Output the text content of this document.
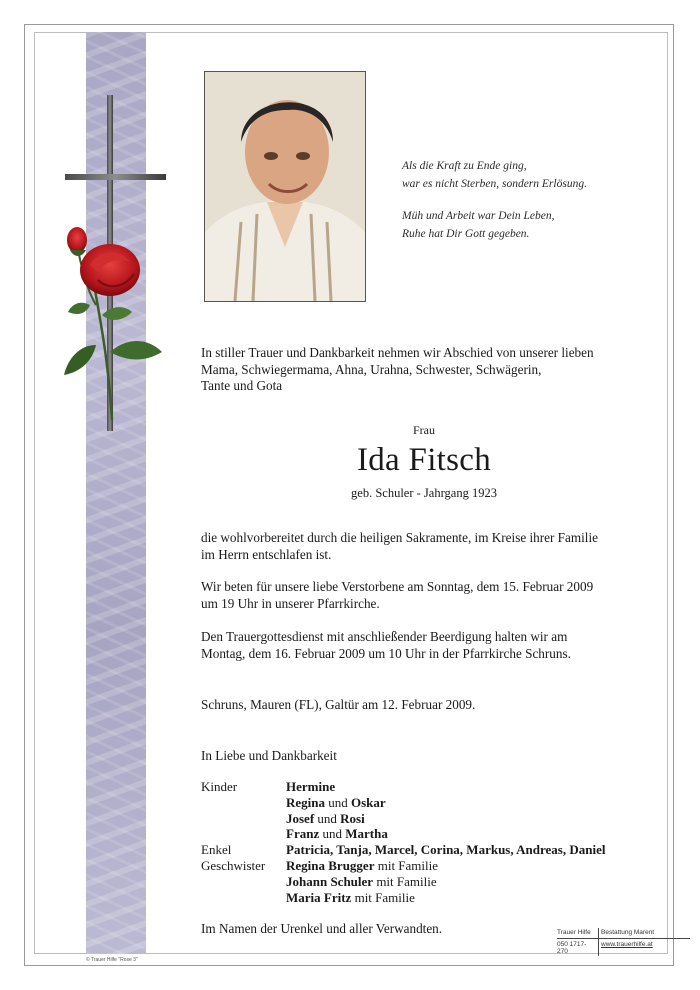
Als die Kraft zu Ende ging,

war es nicht Sterben, sondern Erlösung.

Müh und Arbeit war Dein Leben,

Ruhe hat Dir Gott gegeben.

In stiller Trauer und Dankbarkeit nehmen wir Abschied von unserer lieben

Mama, Schwiegermama, Ahna, Urahna, Schwester, Schwägerin,

Tante und Gota

Frau
Ida Fitsch
geb. Schuler - Jahrgang 1923

die wohlvorbereitet durch die heiligen Sakramente, im Kreise ihrer Familie

im Herrn entschlafen ist.

Wir beten für unsere liebe Verstorbene am Sonntag, dem 15. Februar 2009

um 19 Uhr in unserer Pfarrkirche.

Den Trauergottesdienst mit anschließender Beerdigung halten wir am

Montag, dem 16. Februar 2009 um 10 Uhr in der Pfarrkirche Schruns.

Schruns, Mauren (FL), Galtür am 12. Februar 2009.
In Liebe und Dankbarkeit
Kinder	Hermine
Regina und Oskar
Josef und Rosi
Franz und Martha
Enkel	Patricia, Tanja, Marcel, Corina, Markus, Andreas, Daniel
Geschwister Regina Brugger mit Familie
Johann Schuler mit Familie
Maria Fritz mit Familie
Im Namen der Urenkel und aller Verwandten.
© Trauer Hilfe "Rose 3"
Trauer Hilfe	Bestattung Marent
050 1717-270
www.trauerhilfe.at
